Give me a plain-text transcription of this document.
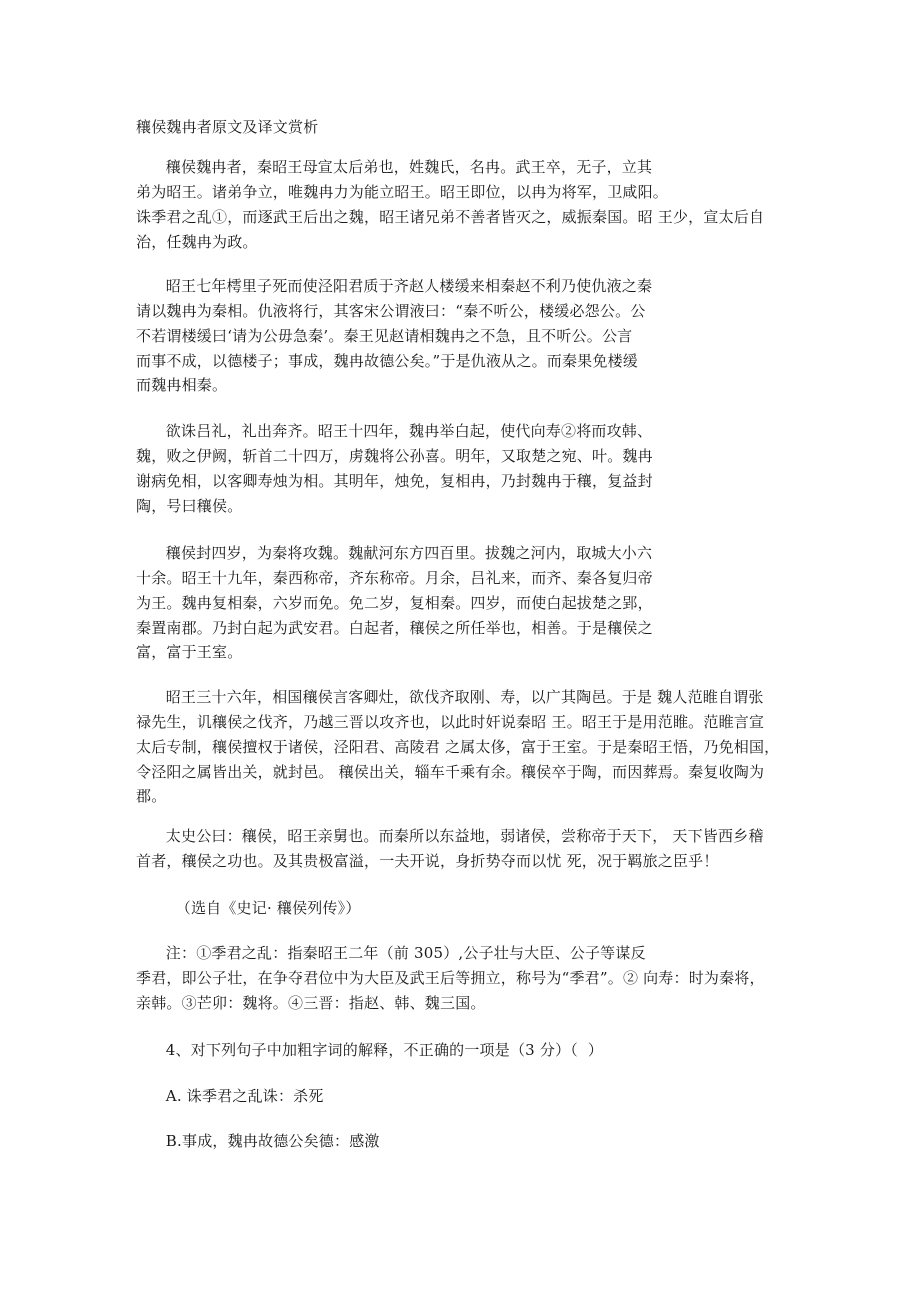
穰侯魏冉者原文及译文赏析
穰侯魏冉者，秦昭王母宣太后弟也，姓魏氏，名冉。武王卒，无子，立其
弟为昭王。诸弟争立，唯魏冉力为能立昭王。昭王即位，以冉为将军，卫咸阳。
诛季君之乱①，而逐武王后出之魏，昭王诸兄弟不善者皆灭之，威振秦国。昭 王少，宣太后自
治，任魏冉为政。
昭王七年樗里子死而使泾阳君质于齐赵人楼缓来相秦赵不利乃使仇液之秦
请以魏冉为秦相。仇液将行，其客宋公谓液曰：“秦不听公，楼缓必怨公。公
不若谓楼缓曰‘请为公毋急秦’。秦王见赵请相魏冉之不急，且不听公。公言
而事不成，以德楼子；事成，魏冉故德公矣。”于是仇液从之。而秦果免楼缓
而魏冉相秦。
欲诛吕礼，礼出奔齐。昭王十四年，魏冉举白起，使代向寿②将而攻韩、
魏，败之伊阙，斩首二十四万，虏魏将公孙喜。明年，又取楚之宛、叶。魏冉
谢病免相，以客卿寿烛为相。其明年，烛免，复相冉，乃封魏冉于穰，复益封
陶，号曰穰侯。
穰侯封四岁，为秦将攻魏。魏献河东方四百里。拔魏之河内，取城大小六
十余。昭王十九年，秦西称帝，齐东称帝。月余，吕礼来，而齐、秦各复归帝
为王。魏冉复相秦，六岁而免。免二岁，复相秦。四岁，而使白起拔楚之郢，
秦置南郡。乃封白起为武安君。白起者，穰侯之所任举也，相善。于是穰侯之
富，富于王室。
昭王三十六年，相国穰侯言客卿灶，欲伐齐取刚、寿，以广其陶邑。于是 魏人范睢自谓张
禄先生，讥穰侯之伐齐，乃越三晋以攻齐也，以此时奸说秦昭 王。昭王于是用范睢。范睢言宣
太后专制，穰侯擅权于诸侯，泾阳君、高陵君 之属太侈，富于王室。于是秦昭王悟，乃免相国，
令泾阳之属皆出关，就封邑。 穰侯出关，辎车千乘有余。穰侯卒于陶，而因葬焉。秦复收陶为
郡。
太史公曰：穰侯，昭王亲舅也。而秦所以东益地，弱诸侯，尝称帝于天下， 天下皆西乡稽
首者，穰侯之功也。及其贵极富溢，一夫开说，身折势夺而以忧 死，况于羁旅之臣乎！
（选自《史记· 穰侯列传》）
注：①季君之乱：指秦昭王二年（前 305）,公子壮与大臣、公子等谋反
季君，即公子壮，在争夺君位中为大臣及武王后等拥立，称号为“季君”。② 向寿：时为秦将，
亲韩。③芒卯：魏将。④三晋：指赵、韩、魏三国。
4、对下列句子中加粗字词的解释，不正确的一项是（3 分）（  ）
A. 诛季君之乱诛：杀死
B.事成，魏冉故德公矣德：感激
